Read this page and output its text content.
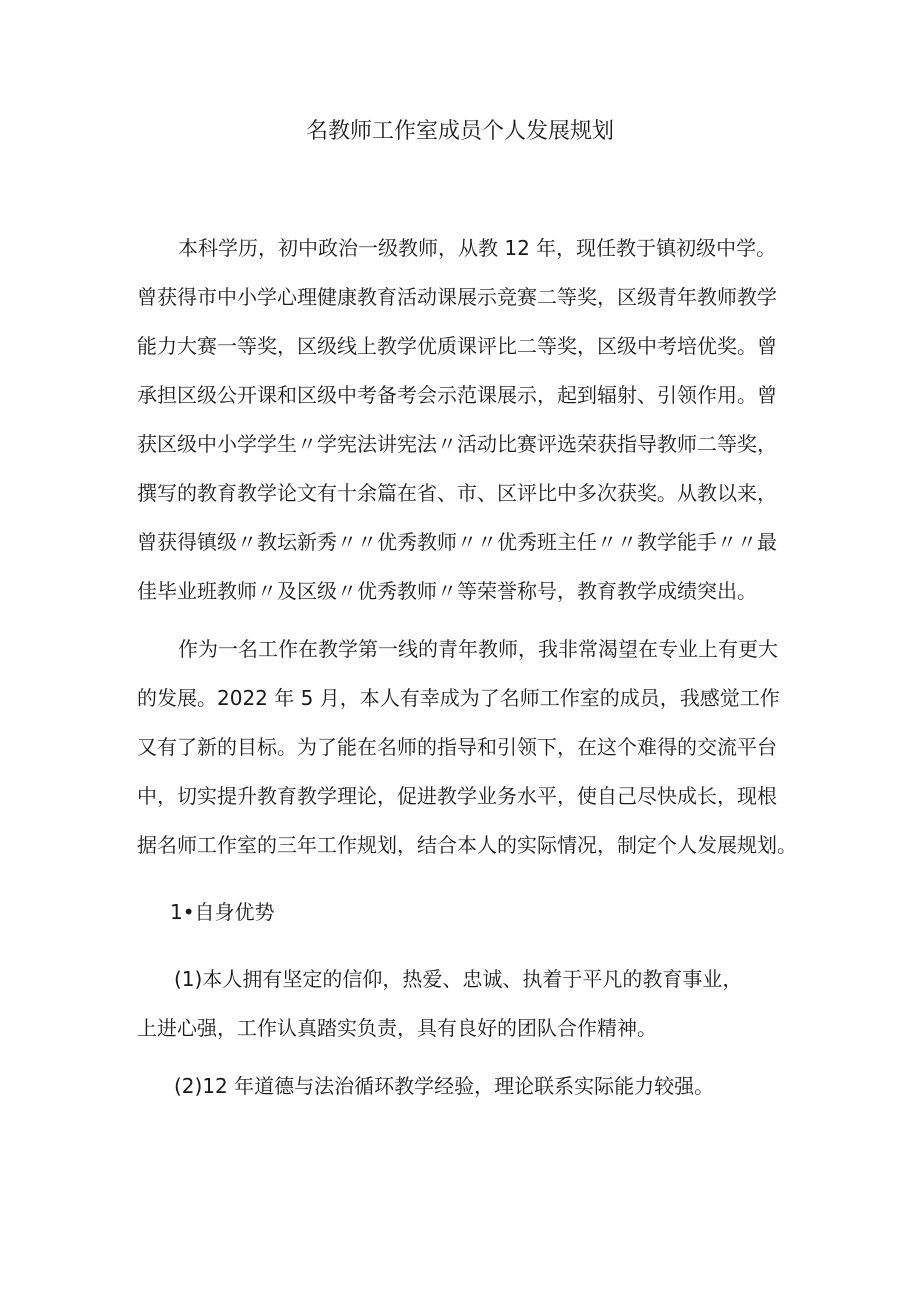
名教师工作室成员个人发展规划
本科学历，初中政治一级教师，从教 12 年，现任教于镇初级中学。
曾获得市中小学心理健康教育活动课展示竞赛二等奖，区级青年教师教学
能力大赛一等奖，区级线上教学优质课评比二等奖，区级中考培优奖。曾
承担区级公开课和区级中考备考会示范课展示，起到辐射、引领作用。曾
获区级中小学学生〃学宪法讲宪法〃活动比赛评选荣获指导教师二等奖，
撰写的教育教学论文有十余篇在省、市、区评比中多次获奖。从教以来，
曾获得镇级〃教坛新秀〃〃优秀教师〃〃优秀班主任〃〃教学能手〃〃最
佳毕业班教师〃及区级〃优秀教师〃等荣誉称号，教育教学成绩突出。
作为一名工作在教学第一线的青年教师，我非常渴望在专业上有更大
的发展。2022 年 5 月，本人有幸成为了名师工作室的成员，我感觉工作
又有了新的目标。为了能在名师的指导和引领下，在这个难得的交流平台
中，切实提升教育教学理论，促进教学业务水平，使自己尽快成长，现根
据名师工作室的三年工作规划，结合本人的实际情况，制定个人发展规划。
1•自身优势
(1)本人拥有坚定的信仰，热爱、忠诚、执着于平凡的教育事业，
上进心强，工作认真踏实负责，具有良好的团队合作精神。
(2)12 年道德与法治循环教学经验，理论联系实际能力较强。
